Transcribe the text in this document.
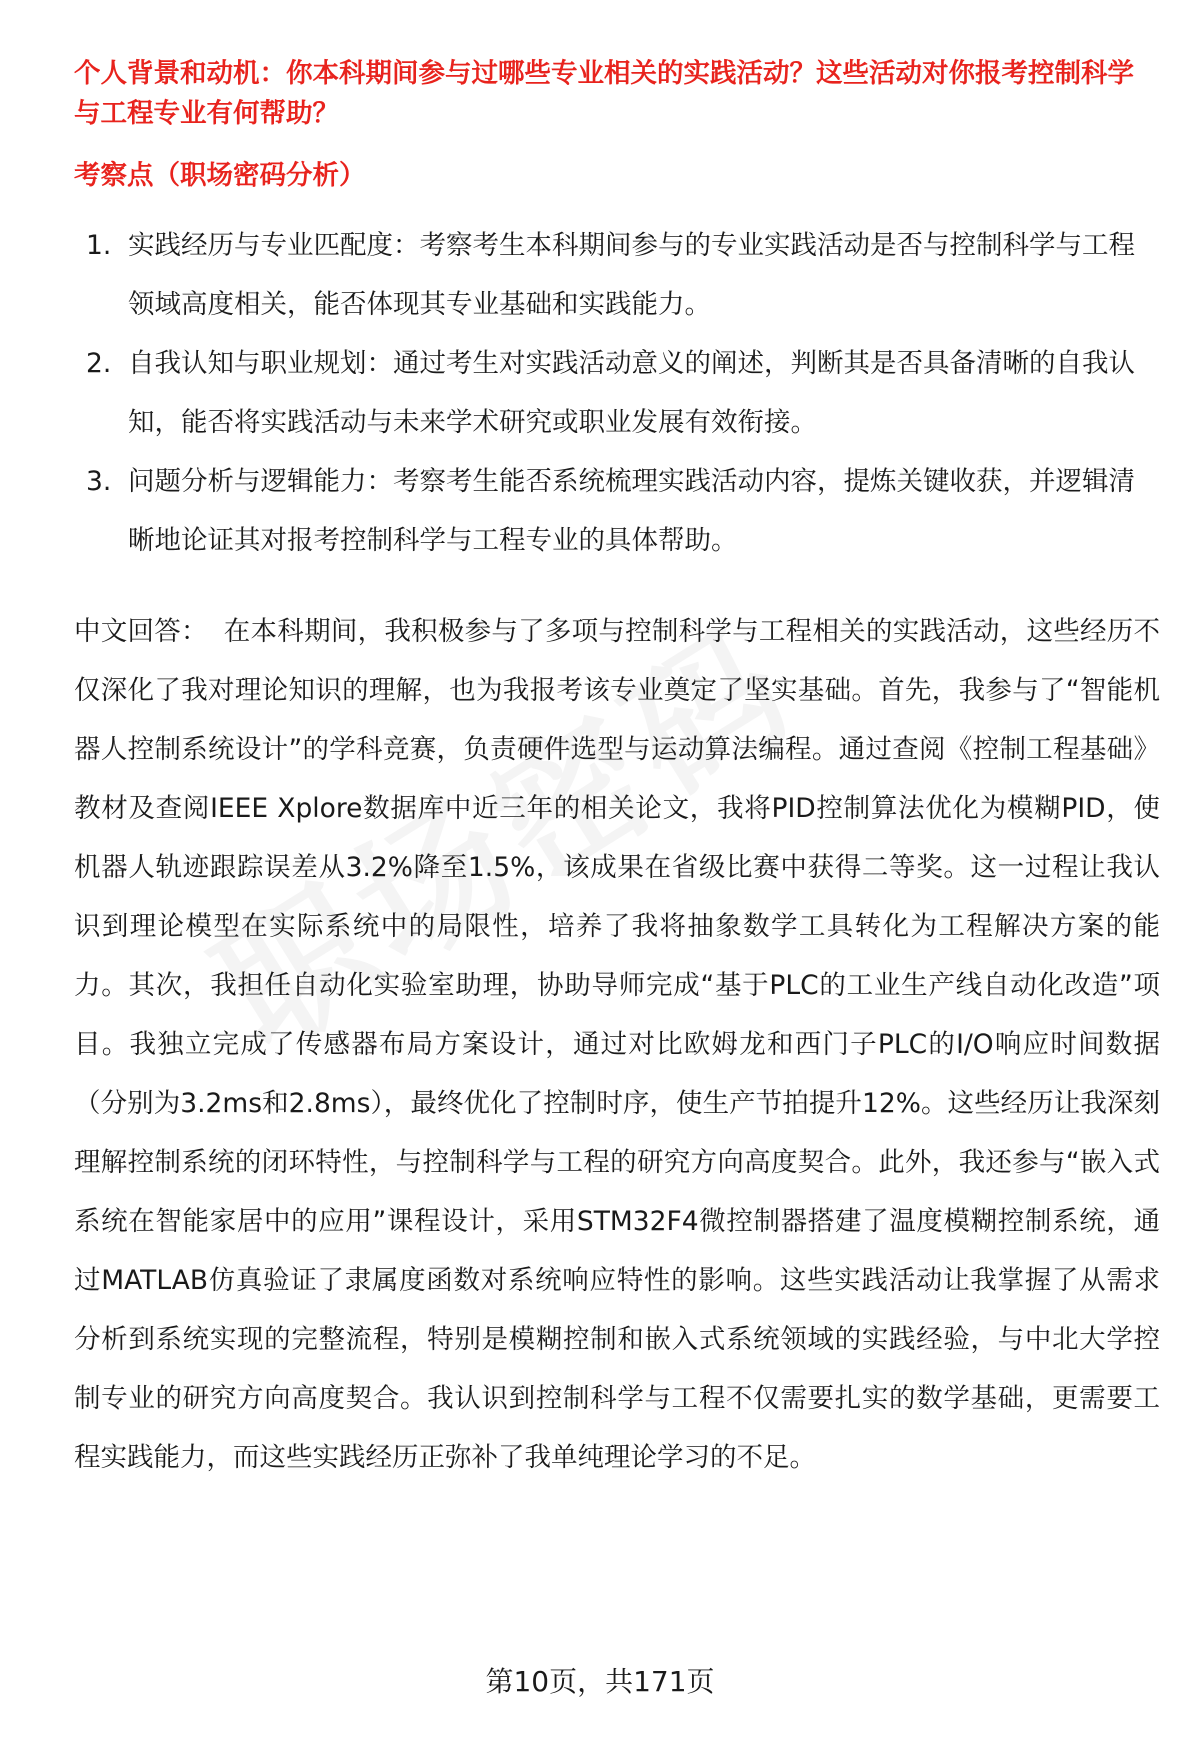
个人背景和动机：你本科期间参与过哪些专业相关的实践活动？这些活动对你报考控制科学与工程专业有何帮助？

考察点（职场密码分析）

1. 实践经历与专业匹配度：考察考生本科期间参与的专业实践活动是否与控制科学与工程领域高度相关，能否体现其专业基础和实践能力。
2. 自我认知与职业规划：通过考生对实践活动意义的阐述，判断其是否具备清晰的自我认知，能否将实践活动与未来学术研究或职业发展有效衔接。
3. 问题分析与逻辑能力：考察考生能否系统梳理实践活动内容，提炼关键收获，并逻辑清晰地论证其对报考控制科学与工程专业的具体帮助。

中文回答： 在本科期间，我积极参与了多项与控制科学与工程相关的实践活动，这些经历不仅深化了我对理论知识的理解，也为我报考该专业奠定了坚实基础。首先，我参与了“智能机器人控制系统设计”的学科竞赛，负责硬件选型与运动算法编程。通过查阅《控制工程基础》教材及查阅IEEE Xplore数据库中近三年的相关论文，我将PID控制算法优化为模糊PID，使机器人轨迹跟踪误差从3.2%降至1.5%，该成果在省级比赛中获得二等奖。这一过程让我认识到理论模型在实际系统中的局限性，培养了我将抽象数学工具转化为工程解决方案的能力。其次，我担任自动化实验室助理，协助导师完成“基于PLC的工业生产线自动化改造”项目。我独立完成了传感器布局方案设计，通过对比欧姆龙和西门子PLC的I/O响应时间数据（分别为3.2ms和2.8ms），最终优化了控制时序，使生产节拍提升12%。这些经历让我深刻理解控制系统的闭环特性，与控制科学与工程的研究方向高度契合。此外，我还参与“嵌入式系统在智能家居中的应用”课程设计，采用STM32F4微控制器搭建了温度模糊控制系统，通过MATLAB仿真验证了隶属度函数对系统响应特性的影响。这些实践活动让我掌握了从需求分析到系统实现的完整流程，特别是模糊控制和嵌入式系统领域的实践经验，与中北大学控制专业的研究方向高度契合。我认识到控制科学与工程不仅需要扎实的数学基础，更需要工程实践能力，而这些实践经历正弥补了我单纯理论学习的不足。

第10页，共171页
